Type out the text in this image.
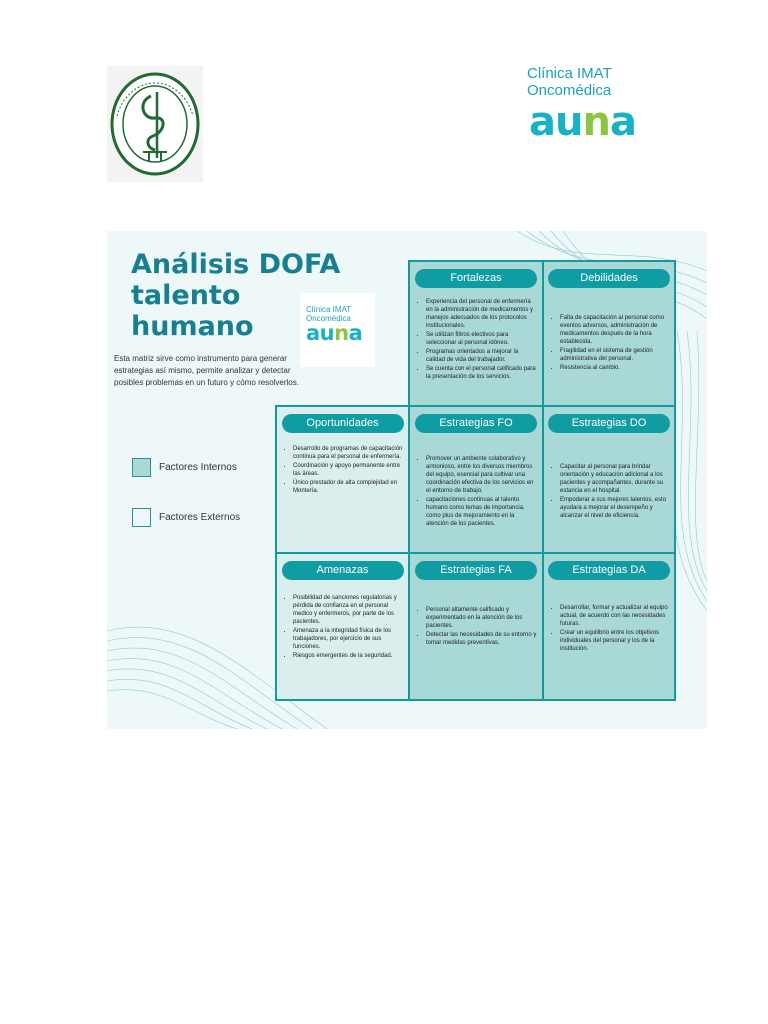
Clínica IMAT
Oncomédica
auna
Análisis DOFA
talento
humano
Clínica IMAT
Oncomédica
auna
Esta matriz sirve como instrumento para generar estrategias así mismo, permite analizar y detectar posibles problemas en un futuro y cómo resolverlos.
Factores Internos
Factores Externos
Fortalezas
• Experiencia del personal de enfermería en la administración de medicamentos y manejos adecuados de los protocolos institucionales.
• Se utilizan filtros electivos para seleccionar al personal idóneo.
• Programas orientados a mejorar la calidad de vida del trabajador.
• Se cuenta con el personal calificado para la presentación de los servicios.
Debilidades
• Falta de capacitación al personal como eventos adversos, administración de medicamentos después de la hora establecida.
• Fragilidad en el sistema de gestión administrativa del personal.
• Resistencia al cambio.
Oportunidades
• Desarrollo de programas de capacitación continua para el personal de enfermería.
• Coordinación y apoyo permanente entre las áreas.
• Único prestador de alta complejidad en Montería.
Estrategias FO
• Promover un ambiente colaborativo y armonioso, entre los diversos miembros del equipo, esencial para cultivar una coordinación efectiva de los servicios en el entorno de trabajo.
• capacitaciones continuas al talento humano como temas de importancia, como plus de mejoramiento en la atención de los pacientes.
Estrategias DO
• Capacitar al personal para brindar orientación y educación adicional a los pacientes y acompañantes, durante su estancia en el hospital.
• Empoderar a sus mejores talentos, esto ayudara a mejorar el desempeño y alcanzar el nivel de eficiencia.
Amenazas
• Posibilidad de sanciones regulatorias y pérdida de confianza en el personal medico y enfermeros, por parte de los pacientes.
• Amenaza a la integridad física de los trabajadores, por ejercicio de sus funciones.
• Riesgos emergentes de la seguridad.
Estrategias FA
• Personal altamente calificado y experimentado en la atención de los pacientes.
• Detectar las necesidades de su entorno y tomar medidas preventivas.
Estrategias DA
• Desarrollar, formar y actualizar al equipo actual, de acuerdo con las necesidades futuras.
• Crear un equilibrio entre los objetivos individuales del personal y los de la institución.
